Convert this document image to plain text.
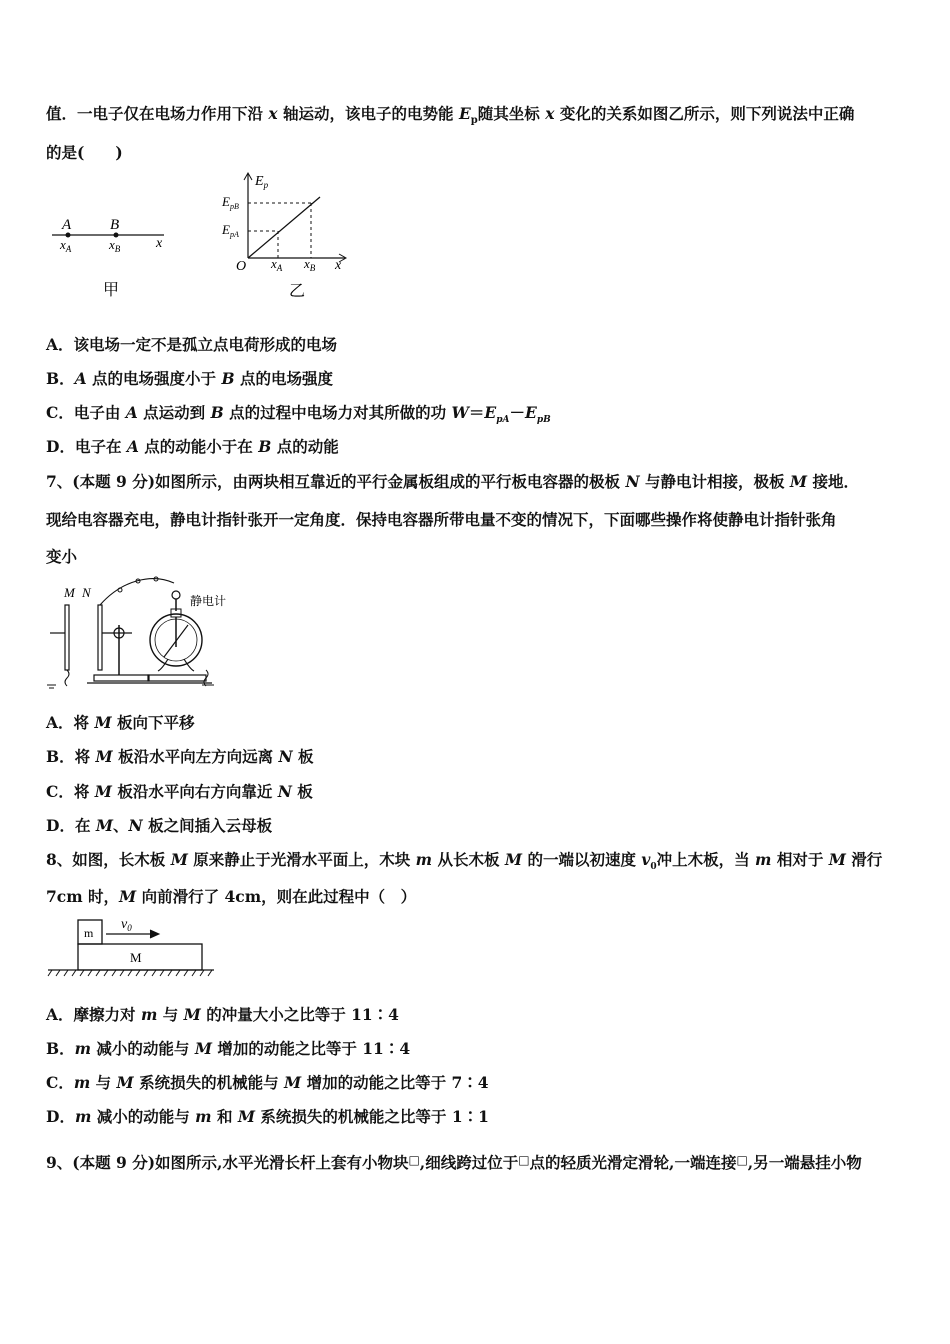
值．一电子仅在电场力作用下沿 x 轴运动，该电子的电势能 $E_p$随其坐标 x 变化的关系如图乙所示，则下列说法中正确
的是(　　)
A	B
$x_A$	$x_B$	x
甲
$E_p$
$E_{pB}$
$E_{pA}$
O $x_A$ $x_B$ x
乙
A．该电场一定不是孤立点电荷形成的电场
B．A 点的电场强度小于 B 点的电场强度
C．电子由 A 点运动到 B 点的过程中电场力对其所做的功 $W=E_{pA}-E_{pB}$
D．电子在 A 点的动能小于在 B 点的动能
7、(本题 9 分)如图所示，由两块相互靠近的平行金属板组成的平行板电容器的极板 N 与静电计相接，极板 M 接地．
现给电容器充电，静电计指针张开一定角度．保持电容器所带电量不变的情况下，下面哪些操作将使静电计指针张角
变小
M N
静电计
A．将 M 板向下平移
B．将 M 板沿水平向左方向远离 N 板
C．将 M 板沿水平向右方向靠近 N 板
D．在 M、N 板之间插入云母板
8、如图，长木板 M 原来静止于光滑水平面上，木块 m 从长木板 M 的一端以初速度 $v_0$冲上木板，当 m 相对于 M 滑行
7cm 时，M 向前滑行了 4cm，则在此过程中（　）
m
$v_0$
M
A．摩擦力对 m 与 M 的冲量大小之比等于 11∶4
B．m 减小的动能与 M 增加的动能之比等于 11∶4
C．m 与 M 系统损失的机械能与 M 增加的动能之比等于 7∶4
D．m 减小的动能与 m 和 M 系统损失的机械能之比等于 1∶1
9、(本题 9 分)如图所示,水平光滑长杆上套有小物块□,细线跨过位于□点的轻质光滑定滑轮,一端连接□,另一端悬挂小物
